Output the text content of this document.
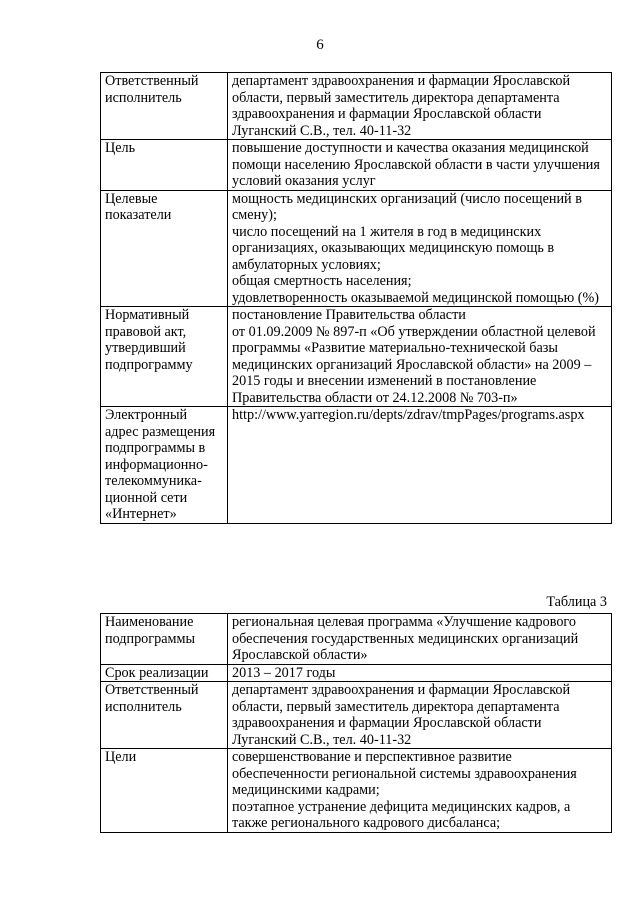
6
Ответственный исполнитель	департамент здравоохранения и фармации Ярославской области, первый заместитель директора департамента здравоохранения и фармации Ярославской области Луганский С.В., тел. 40-11-32

Цель	повышение доступности и качества оказания медицинской помощи населению Ярославской области в части улучшения условий оказания услуг

Целевые показатели	мощность медицинских организаций (число посещений в смену);
число посещений на 1 жителя в год в медицинских организациях, оказывающих медицинскую помощь в амбулаторных условиях;
общая смертность населения;
удовлетворенность оказываемой медицинской помощью (%)

Нормативный правовой акт, утвердивший подпрограмму	постановление Правительства области
от 01.09.2009 № 897-п «Об утверждении областной целевой программы «Развитие материально-технической базы медицинских организаций Ярославской области» на 2009 – 2015 годы и внесении изменений в постановление Правительства области от 24.12.2008 № 703-п»

Электронный адрес размещения подпрограммы в информационно-телекоммуника-ционной сети «Интернет»	http://www.yarregion.ru/depts/zdrav/tmpPages/programs.aspx
Таблица 3
Наименование подпрограммы	региональная целевая программа «Улучшение кадрового обеспечения государственных медицинских организаций Ярославской области»

Срок реализации	2013 – 2017 годы

Ответственный исполнитель	департамент здравоохранения и фармации Ярославской области, первый заместитель директора департамента здравоохранения и фармации Ярославской области Луганский С.В., тел. 40-11-32

Цели	совершенствование и перспективное развитие обеспеченности региональной системы здравоохранения медицинскими кадрами;
поэтапное устранение дефицита медицинских кадров, а также регионального кадрового дисбаланса;
